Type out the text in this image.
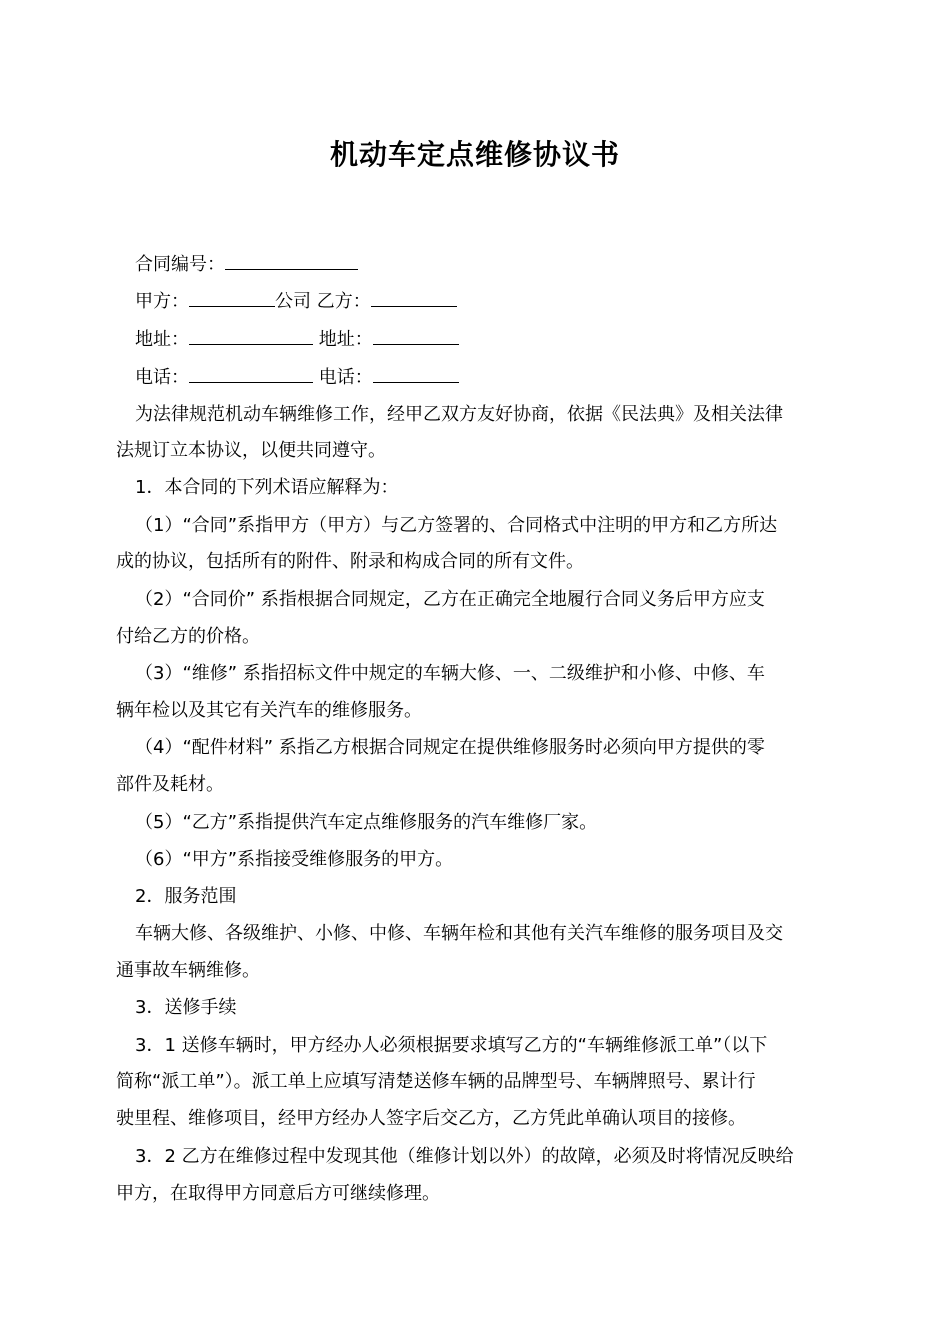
机动车定点维修协议书
合同编号：
甲方：	公司 乙方：
地址：	地址：
电话：	电话：
为法律规范机动车辆维修工作，经甲乙双方友好协商，依据《民法典》及相关法律
法规订立本协议，以便共同遵守。
1．本合同的下列术语应解释为：
（1）“合同”系指甲方（甲方）与乙方签署的、合同格式中注明的甲方和乙方所达
成的协议，包括所有的附件、附录和构成合同的所有文件。
（2）“合同价” 系指根据合同规定，乙方在正确完全地履行合同义务后甲方应支
付给乙方的价格。
（3）“维修” 系指招标文件中规定的车辆大修、一、二级维护和小修、中修、车
辆年检以及其它有关汽车的维修服务。
（4）“配件材料” 系指乙方根据合同规定在提供维修服务时必须向甲方提供的零
部件及耗材。
（5）“乙方”系指提供汽车定点维修服务的汽车维修厂家。
（6）“甲方”系指接受维修服务的甲方。
2．服务范围
车辆大修、各级维护、小修、中修、车辆年检和其他有关汽车维修的服务项目及交
通事故车辆维修。
3．送修手续
3．1 送修车辆时，甲方经办人必须根据要求填写乙方的“车辆维修派工单”（以下
简称“派工单”）。派工单上应填写清楚送修车辆的品牌型号、车辆牌照号、累计行
驶里程、维修项目，经甲方经办人签字后交乙方，乙方凭此单确认项目的接修。
3．2 乙方在维修过程中发现其他（维修计划以外）的故障，必须及时将情况反映给
甲方，在取得甲方同意后方可继续修理。
